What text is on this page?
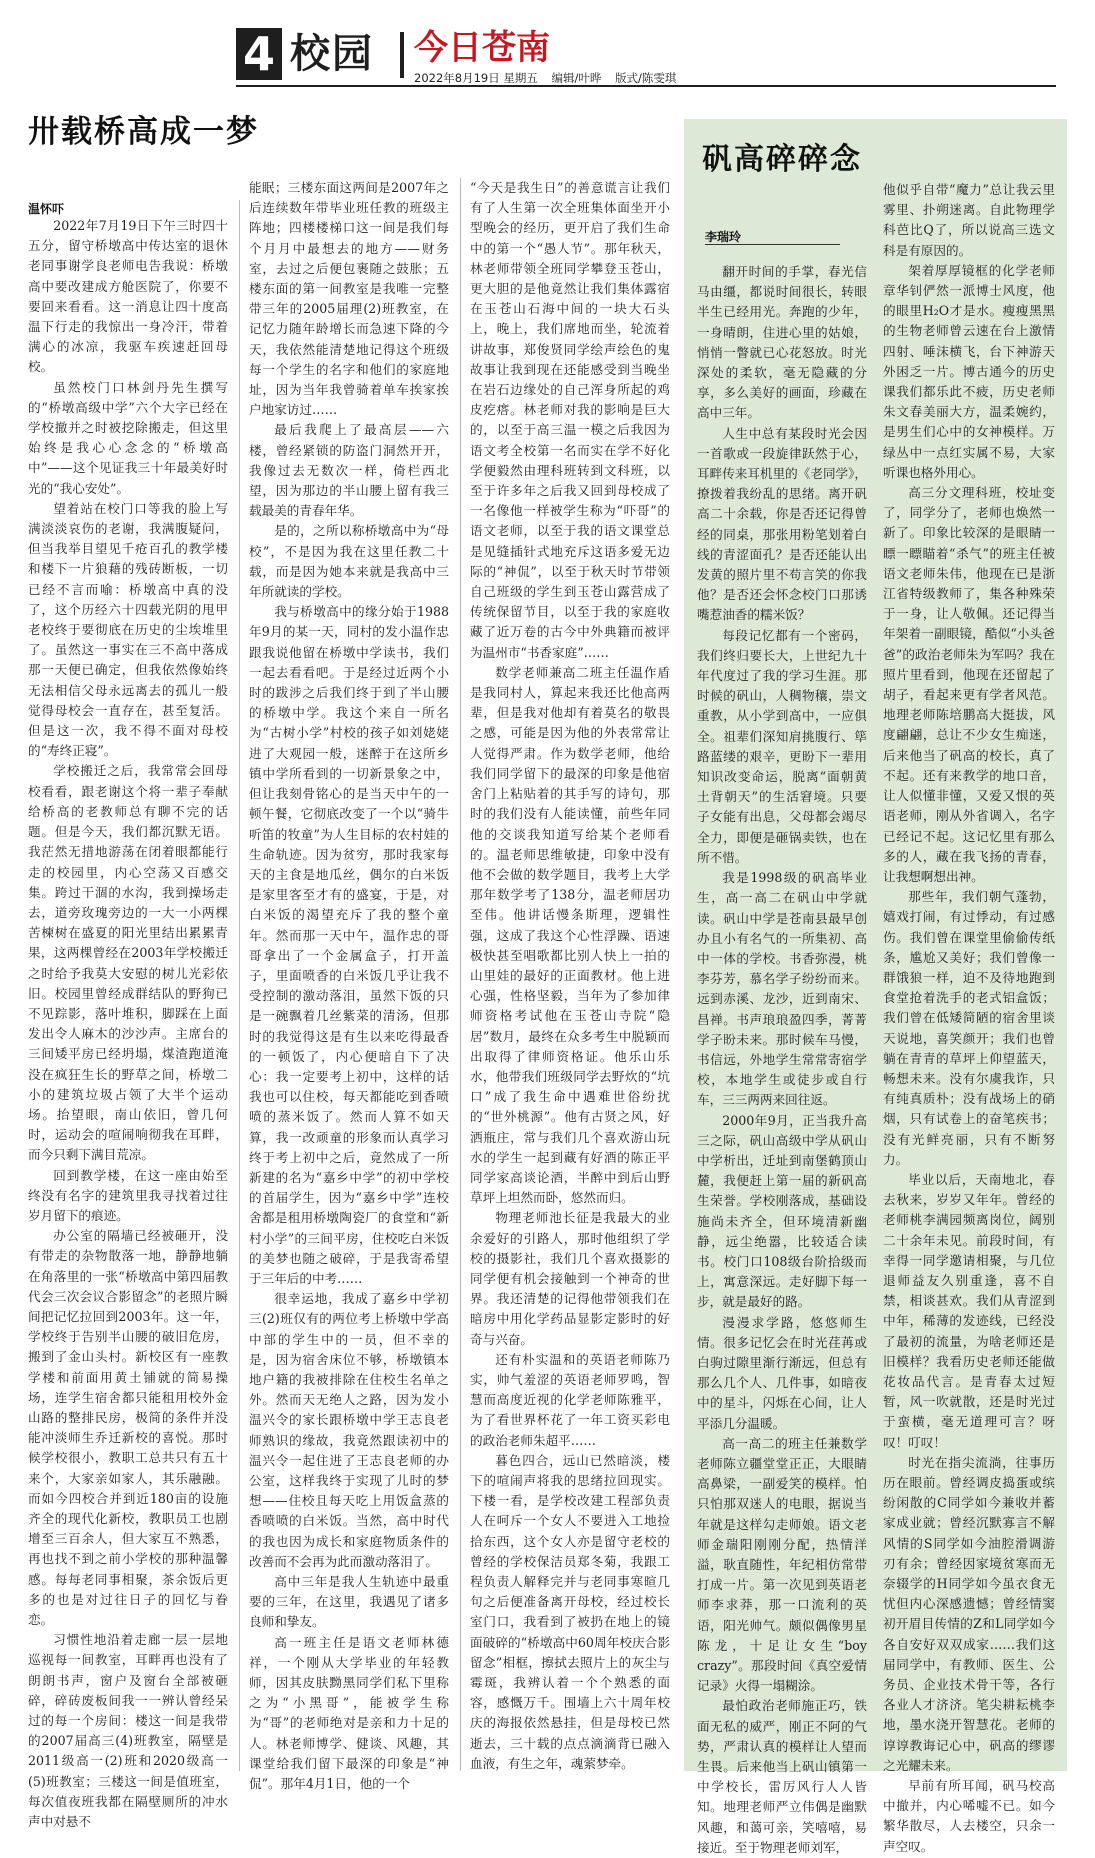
4 校园 今日苍南
2022年8月19日 星期五 编辑/叶晔 版式/陈雯琪
卅载桥高成一梦
温怀吓

2022年7月19日下午三时四十五分，留守桥墩高中传达室的退休老同事谢学良老师电告我说：桥墩高中要改建成方舱医院了，你要不要回来看看。这一消息让四十度高温下行走的我惊出一身冷汗，带着满心的冰凉，我驱车疾速赶回母校。

虽然校门口林剑丹先生撰写的“桥墩高级中学”六个大字已经在学校撤并之时被挖除搬走，但这里始终是我心心念念的“桥墩高中”——这个见证我三十年最美好时光的“我心安处”。

望着站在校门口等我的脸上写满淡淡哀伤的老谢，我满腹疑问，但当我举目望见千疮百孔的教学楼和楼下一片狼藉的残砖断板，一切已经不言而喻：桥墩高中真的没了，这个历经六十四载光阴的甩甲老校终于要彻底在历史的尘埃堆里了。虽然这一事实在三不高中落成那一天便已确定，但我依然像始终无法相信父母永远离去的孤儿一般觉得母校会一直存在，甚至复活。但是这一次，我不得不面对母校的“寿终正寝”。

学校搬迁之后，我常常会回母校看看，跟老谢这个将一辈子奉献给桥高的老教师总有聊不完的话题。但是今天，我们都沉默无语。我茫然无措地游荡在闭着眼都能行走的校园里，内心空荡又百感交集。跨过干涸的水沟，我到操场走去，道旁玫瑰旁边的一大一小两棵苦楝树在盛夏的阳光里结出累累青果，这两棵曾经在2003年学校搬迁之时给予我莫大安慰的树儿光彩依旧。校园里曾经成群结队的野狗已不见踪影，落叶堆积，脚踩在上面发出令人麻木的沙沙声。主席台的三间矮平房已经坍塌，煤渣跑道淹没在疯狂生长的野草之间，桥墩二小的建筑垃圾占领了大半个运动场。抬望眼，南山依旧，曾几何时，运动会的喧闹响彻我在耳畔，而今只剩下满目荒凉。

回到教学楼，在这一座由始至终没有名字的建筑里我寻找着过往岁月留下的痕迹。

办公室的隔墙已经被砸开，没有带走的杂物散落一地，静静地躺在角落里的一张“桥墩高中第四届教代会三次会议合影留念”的老照片瞬间把记忆拉回到2003年。这一年，学校终于告别半山腰的破旧危房，搬到了金山头村。新校区有一座教学楼和前面用黄土铺就的简易操场，连学生宿舍都只能租用校外金山路的整排民房，极简的条件并没能冲淡师生乔迁新校的喜悦。那时候学校很小，教职工总共只有五十来个，大家亲如家人，其乐融融。而如今四校合并到近180亩的设施齐全的现代化新校，教职员工也剧增至三百余人，但大家互不熟悉，再也找不到之前小学校的那种温馨感。每每老同事相聚，茶余饭后更多的也是对过往日子的回忆与眷恋。

习惯性地沿着走廊一层一层地巡视每一间教室，耳畔再也没有了朗朗书声，窗户及窗台全部被砸碎，碎砖废板间我一一辨认曾经呆过的每一个房间：楼这一间是我带的2007届高三(4)班教室，隔壁是2011级高一(2)班和2020级高一(5)班教室；三楼这一间是值班室，每次值夜班我都在隔壁厕所的冲水声中对悬不

能眠；三楼东面这两间是2007年之后连续数年带毕业班任教的班级主阵地；四楼楼梯口这一间是我们每个月月中最想去的地方——财务室，去过之后便包裹随之鼓胀；五楼东面的第一间教室是我唯一完整带三年的2005届理(2)班教室，在记忆力随年龄增长而急速下降的今天，我依然能清楚地记得这个班级每一个学生的名字和他们的家庭地址，因为当年我曾骑着单车挨家挨户地家访过……

最后我爬上了最高层——六楼，曾经紧锁的防盗门洞然开开，我像过去无数次一样，倚栏西北望，因为那边的半山腰上留有我三载最美的青春年华。

是的，之所以称桥墩高中为“母校”，不是因为我在这里任教二十载，而是因为她本来就是我高中三年所就读的学校。

我与桥墩高中的缘分始于1988年9月的某一天，同村的发小温作忠跟我说他留在桥墩中学读书，我们一起去看看吧。于是经过近两个小时的跋涉之后我们终于到了半山腰的桥墩中学。我这个来自一所名为“古树小学”村校的孩子如刘姥姥进了大观园一般，迷醉于在这所乡镇中学所看到的一切新景象之中，但让我刻骨铭心的是当天中午的一顿午餐，它彻底改变了一个以“骑牛听笛的牧童”为人生目标的农村娃的生命轨迹。因为贫穷，那时我家每天的主食是地瓜丝，偶尔的白米饭是家里客至才有的盛宴，于是，对白米饭的渴望充斥了我的整个童年。然而那一天中午，温作忠的哥哥拿出了一个金属盒子，打开盖子，里面喷香的白米饭几乎让我不受控制的激动落泪，虽然下饭的只是一碗飘着几丝紫菜的清汤，但那时的我觉得这是有生以来吃得最香的一顿饭了，内心便暗自下了决心：我一定要考上初中，这样的话我也可以住校，每天都能吃到香喷喷的蒸米饭了。然而人算不如天算，我一改顽童的形象而认真学习终于考上初中之后，竟然成了一所新建的名为“嘉乡中学”的初中学校的首届学生，因为“嘉乡中学”连校舍都是租用桥墩陶瓷厂的食堂和“新村小学”的三间平房，住校吃白米饭的美梦也随之破碎，于是我寄希望于三年后的中考……

很幸运地，我成了嘉乡中学初三(2)班仅有的两位考上桥墩中学高中部的学生中的一员，但不幸的是，因为宿舍床位不够，桥墩镇本地户籍的我被排除在住校生名单之外。然而天无绝人之路，因为发小温兴令的家长跟桥墩中学王志良老师熟识的缘故，我竟然跟读初中的温兴令一起住进了王志良老师的办公室，这样我终于实现了儿时的梦想——住校且每天吃上用饭盒蒸的香喷喷的白米饭。当然，高中时代的我也因为成长和家庭物质条件的改善而不会再为此而激动落泪了。

高中三年是我人生轨迹中最重要的三年，在这里，我遇见了诸多良师和挚友。

高一班主任是语文老师林德祥，一个刚从大学毕业的年轻教师，因其皮肤黝黑同学们私下里称之为“小黑哥”，能被学生称为“哥”的老师绝对是亲和力十足的人。林老师博学、健谈、风趣，其课堂给我们留下最深的印象是“神侃”。那年4月1日，他的一个

“今天是我生日”的善意谎言让我们有了人生第一次全班集体面坐开小型晚会的经历，更开启了我们生命中的第一个“愚人节”。那年秋天，林老师带领全班同学攀登玉苍山，更大胆的是他竟然让我们集体露宿在玉苍山石海中间的一块大石头上，晚上，我们席地而坐，轮流着讲故事，郑俊贤同学绘声绘色的鬼故事让我到现在还能感受到当晚坐在岩石边缘处的自己浑身所起的鸡皮疙瘩。林老师对我的影响是巨大的，以至于高三温一模之后我因为语文考全校第一名而实在学不好化学便毅然由理科班转到文科班，以至于许多年之后我又回到母校成了一名像他一样被学生称为“吓哥”的语文老师，以至于我的语文课堂总是见缝插针式地充斥这语多爱无边际的“神侃”，以至于秋天时节带领自己班级的学生到玉苍山露营成了传统保留节目，以至于我的家庭收藏了近万卷的古今中外典籍而被评为温州市“书香家庭”……

数学老师兼高二班主任温作盾是我同村人，算起来我还比他高两辈，但是我对他却有着莫名的敬畏之感，可能是因为他的外表常常让人觉得严肃。作为数学老师，他给我们同学留下的最深的印象是他宿舍门上粘贴着的其手写的诗句，那时的我们没有人能读懂，前些年同他的交谈我知道写给某个老师看的。温老师思维敏捷，印象中没有他不会做的数学题目，我考上大学那年数学考了138分，温老师居功至伟。他讲话慢条斯理，逻辑性强，这成了我这个心性浮躁、语速极快甚至唱歌都比别人快上一拍的山里娃的最好的正面教材。他上进心强，性格坚毅，当年为了参加律师资格考试他在玉苍山寺院“隐居”数月，最终在众多考生中脱颖而出取得了律师资格证。他乐山乐水，他带我们班级同学去野炊的“坑口”成了我生命中遇难世俗纷扰的“世外桃源”。他有古贤之风，好洒瓶庄，常与我们几个喜欢游山玩水的学生一起到藏有好酒的陈正平同学家高谈论酒，半醉中到后山野草坪上坦然而卧，悠然而归。

物理老师池长征是我最大的业余爱好的引路人，那时他组织了学校的摄影社，我们几个喜欢摄影的同学便有机会接触到一个神奇的世界。我还清楚的记得他带领我们在暗房中用化学药品显影定影时的好奇与兴奋。

还有朴实温和的英语老师陈乃实，帅气羞涩的英语老师罗鸣，智慧而高度近视的化学老师陈雅平，为了看世界杯花了一年工资买彩电的政治老师朱超平……

暮色四合，远山已然暗淡，楼下的喧闹声将我的思绪拉回现实。下楼一看，是学校改建工程部负责人在呵斥一个女人不要进入工地捡拾东西，这个女人亦是留守老校的曾经的学校保洁员郑冬菊，我跟工程负责人解释完并与老同事寒暄几句之后便准备离开母校，经过校长室门口，我看到了被扔在地上的镜面破碎的“桥墩高中60周年校庆合影留念”相框，擦拭去照片上的灰尘与霉斑，我辨认着一个个熟悉的面容，感慨万千。围墙上六十周年校庆的海报依然悬挂，但是母校已然逝去，三十载的点点滴滴背已融入血液，有生之年，魂萦梦牵。

矾高碎碎念
李瑞玲

翻开时间的手掌，春光信马由缰，都说时间很长，转眼半生已经用光。奔跑的少年，一身晴朗，住进心里的姑娘，悄悄一瞥就已心花怒放。时光深处的柔软，毫无隐藏的分享，多么美好的画面，珍藏在高中三年。

人生中总有某段时光会因一首歌或一段旋律跃然于心，耳畔传来耳机里的《老同学》，撩拨着我纷乱的思绪。离开矾高二十余载，你是否还记得曾经的同桌，那张用粉笔划着白线的青涩面孔？是否还能认出发黄的照片里不苟言笑的你我他？是否还会怀念校门口那诱嘴惹油香的糯米饭？

每段记忆都有一个密码，我们终归要长大，上世纪九十年代度过了我的学习生涯。那时候的矾山，人稠物穰，崇文重教，从小学到高中，一应俱全。祖辈们深知肩挑腹行、筚路蓝缕的艰辛，更盼下一辈用知识改变命运，脱离“面朝黄土背朝天”的生活窘境。只要子女能有出息，父母都会竭尽全力，即便是砸锅卖铁，也在所不惜。

我是1998级的矾高毕业生，高一高二在矾山中学就读。矾山中学是苍南县最早创办且小有名气的一所集初、高中一体的学校。书香弥漫，桃李芬芳，慕名学子纷纷而来。远到赤溪、龙沙，近到南宋、昌禅。书声琅琅盈四季，菁菁学子盼未来。那时候车马慢，书信远，外地学生常常寄宿学校，本地学生或徒步或自行车，三三两两来回往返。

2000年9月，正当我升高三之际，矾山高级中学从矾山中学析出，迁址到南堡鹤顶山麓，我便赶上第一届的新矾高生荣誉。学校刚落成，基础设施尚未齐全，但环境清新幽静，远尘绝嚣，比较适合读书。校门口108级台阶拾级而上，寓意深远。走好脚下每一步，就是最好的路。

漫漫求学路，悠悠师生情。很多记忆会在时光荏苒或白驹过隙里渐行渐远，但总有那么几个人、几件事，如暗夜中的星斗，闪烁在心间，让人平添几分温暖。

高一高二的班主任兼数学老师陈立疆堂堂正正，大眼睛高鼻梁，一副爱笑的模样。怕只怕那双迷人的电眼，据说当年就是这样勾走师娘。语文老师金瑞阳刚刚分配，热情洋溢，耿直随性，年纪相仿常带打成一片。第一次见到英语老师李求莽，那一口流利的英语，阳光帅气。颇似偶像男星陈龙，十足让女生“boy crazy”。那段时间《真空爱情记录》火得一塌糊涂。

最怕政治老师施正巧，铁面无私的威严，刚正不阿的气势，严肃认真的模样让人望而生畏。后来他当上矾山镇第一中学校长，雷厉风行人人皆知。地理老师严立伟偶是幽默风趣，和蔼可亲，笑嘻嘻，易接近。至于物理老师刘军，

他似乎自带“魔力”总让我云里雾里、扑朔迷离。自此物理学科芭比Q了，所以说高三选文科是有原因的。

架着厚厚镜框的化学老师章华钊俨然一派博士风度，他的眼里H₂O才是水。瘦瘦黑黑的生物老师曾云速在台上激情四射、唾沫横飞，台下神游天外困乏一片。博古通今的历史课我们都乐此不疲，历史老师朱文春美丽大方，温柔婉约，是男生们心中的女神模样。万绿丛中一点红实属不易，大家听课也格外用心。

高三分文理科班，校址变了，同学分了，老师也焕然一新了。印象比较深的是眼睛一瞟一瞟瞄着“杀气”的班主任被语文老师朱伟，他现在已是浙江省特级教师了，集各种殊荣于一身，让人敬佩。还记得当年架着一副眼镜，酷似“小头爸爸”的政治老师朱为军吗？我在照片里看到，他现在还留起了胡子，看起来更有学者风范。地理老师陈培鹏高大挺拔，风度翩翩，总让不少女生痴迷，后来他当了矾高的校长，真了不起。还有来教学的地口音，让人似懂非懂，又爱又恨的英语老师，刚从外省调入，名字已经记不起。这记忆里有那么多的人，藏在我飞扬的青春，让我想啊想出神。

那些年，我们朝气蓬勃，嬉戏打闹，有过悸动，有过感伤。我们曾在课堂里偷偷传纸条，尴尬又美好；我们曾像一群饿狼一样，迫不及待地跑到食堂抢着洗手的老式铝盒饭；我们曾在低矮简陋的宿舍里谈天说地，喜笑颜开；我们也曾躺在青青的草坪上仰望蓝天，畅想未来。没有尔虞我诈，只有纯真质朴；没有战场上的硝烟，只有试卷上的奋笔疾书；没有光鲜亮丽，只有不断努力。

毕业以后，天南地北，春去秋来，岁岁又年年。曾经的老师桃李满园频离岗位，阔别二十余年未见。前段时间，有幸得一同学邀请相聚，与几位退师益友久别重逢，喜不自禁，相谈甚欢。我们从青涩到中年，稀薄的发迹线，已经没了最初的流量，为啥老师还是旧模样？我看历史老师还能做花妆品代言。是青春太过短暂，风一吹就散，还是时光过于蛮横，毫无道理可言？呀叹！叮叹！

时光在指尖流淌，往事历历在眼前。曾经调皮捣蛋或缤纷闲散的C同学如今兼收并蓄家成业就；曾经沉默寡言不解风情的S同学如今油腔滑调游刃有余；曾经因家境贫寒而无奈辍学的H同学如今虽衣食无忧但内心深感遗憾；曾经情窦初开眉目传情的Z和L同学如今各自安好双双成家……我们这届同学中，有教师、医生、公务员、企业技术骨干等，各行各业人才济济。笔尖耕耘桃李地，墨水浇开智慧花。老师的谆谆教诲记心中，矾高的缪谬之光耀未来。

早前有所耳闻，矾马校高中撤并，内心唏嘘不已。如今繁华散尽，人去楼空，只余一声空叹。
